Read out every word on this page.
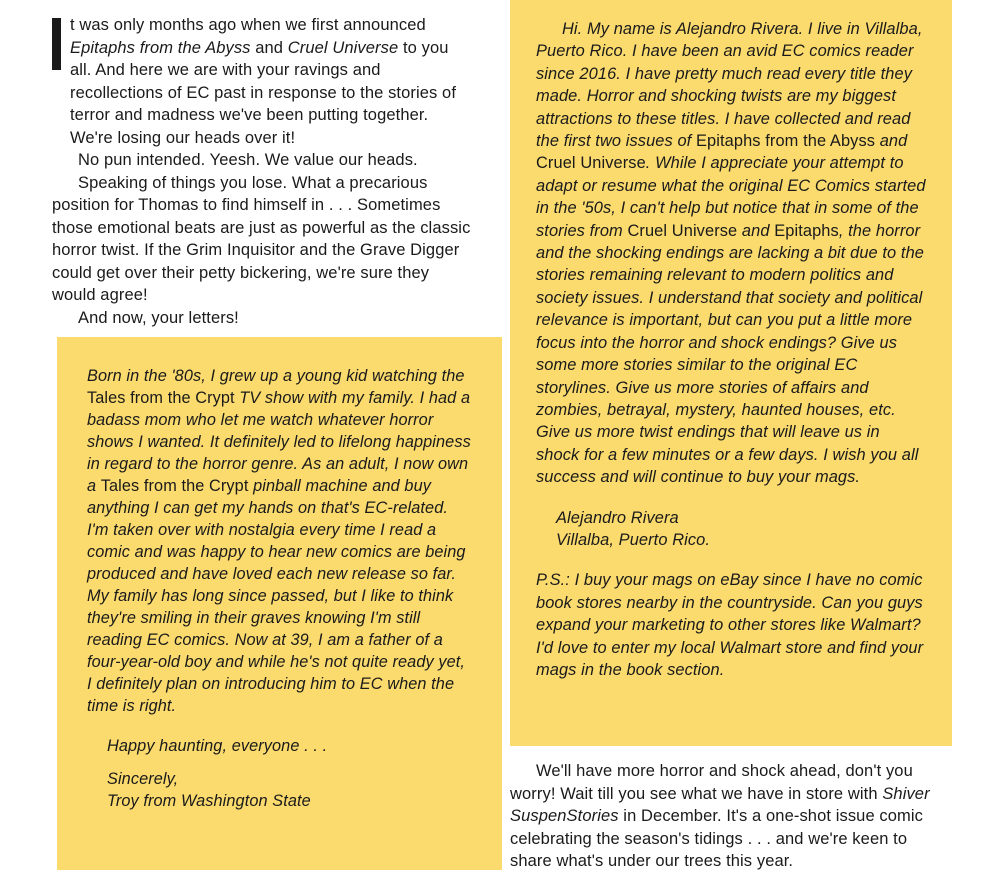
t was only months ago when we first announced Epitaphs from the Abyss and Cruel Universe to you all. And here we are with your ravings and recollections of EC past in response to the stories of terror and madness we've been putting together. We're losing our heads over it!

No pun intended. Yeesh. We value our heads.

Speaking of things you lose. What a precarious position for Thomas to find himself in . . . Sometimes those emotional beats are just as powerful as the classic horror twist. If the Grim Inquisitor and the Grave Digger could get over their petty bickering, we're sure they would agree!

And now, your letters!

Born in the '80s, I grew up a young kid watching the Tales from the Crypt TV show with my family. I had a badass mom who let me watch whatever horror shows I wanted. It definitely led to lifelong happiness in regard to the horror genre. As an adult, I now own a Tales from the Crypt pinball machine and buy anything I can get my hands on that's EC-related. I'm taken over with nostalgia every time I read a comic and was happy to hear new comics are being produced and have loved each new release so far. My family has long since passed, but I like to think they're smiling in their graves knowing I'm still reading EC comics. Now at 39, I am a father of a four-year-old boy and while he's not quite ready yet, I definitely plan on introducing him to EC when the time is right.

Happy haunting, everyone . . .

Sincerely,

Troy from Washington State

Hi. My name is Alejandro Rivera. I live in Villalba, Puerto Rico. I have been an avid EC comics reader since 2016. I have pretty much read every title they made. Horror and shocking twists are my biggest attractions to these titles. I have collected and read the first two issues of Epitaphs from the Abyss and Cruel Universe. While I appreciate your attempt to adapt or resume what the original EC Comics started in the '50s, I can't help but notice that in some of the stories from Cruel Universe and Epitaphs, the horror and the shocking endings are lacking a bit due to the stories remaining relevant to modern politics and society issues. I understand that society and political relevance is important, but can you put a little more focus into the horror and shock endings? Give us some more stories similar to the original EC storylines. Give us more stories of affairs and zombies, betrayal, mystery, haunted houses, etc. Give us more twist endings that will leave us in shock for a few minutes or a few days. I wish you all success and will continue to buy your mags.

Alejandro Rivera

Villalba, Puerto Rico.

P.S.: I buy your mags on eBay since I have no comic book stores nearby in the countryside. Can you guys expand your marketing to other stores like Walmart? I'd love to enter my local Walmart store and find your mags in the book section.

We'll have more horror and shock ahead, don't you worry! Wait till you see what we have in store with Shiver SuspenStories in December. It's a one-shot issue comic celebrating the season's tidings . . . and we're keen to share what's under our trees this year.
